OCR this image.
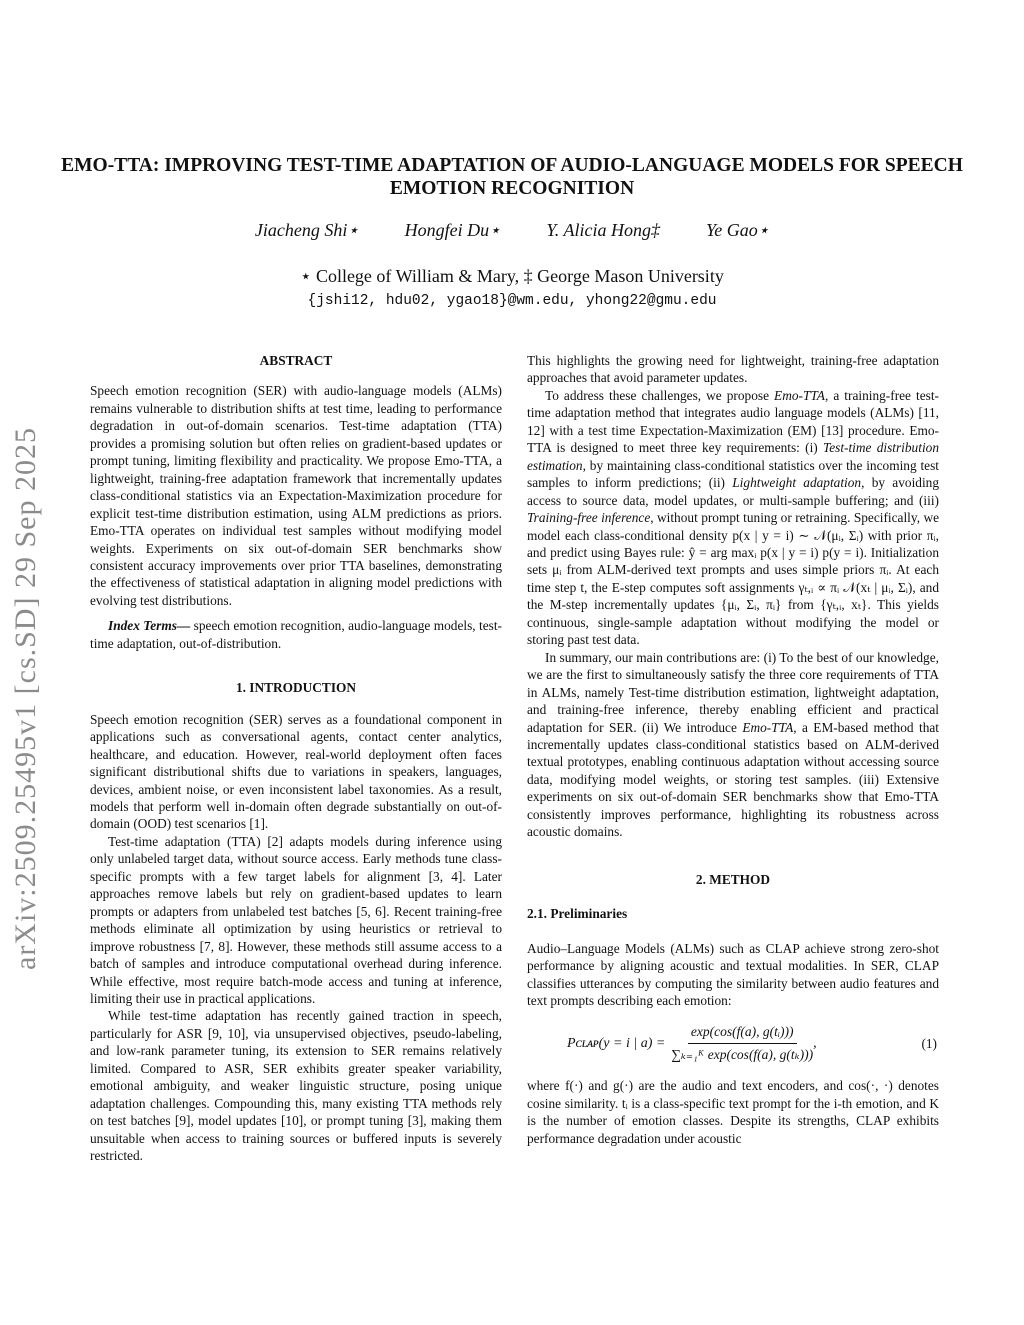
arXiv:2509.25495v1 [cs.SD] 29 Sep 2025
EMO-TTA: IMPROVING TEST-TIME ADAPTATION OF AUDIO-LANGUAGE MODELS FOR SPEECH EMOTION RECOGNITION
Jiacheng Shi⋆	Hongfei Du⋆	Y. Alicia Hong‡	Ye Gao⋆
⋆ College of William & Mary, ‡ George Mason University
{jshi12, hdu02, ygao18}@wm.edu, yhong22@gmu.edu

ABSTRACT

Speech emotion recognition (SER) with audio-language models (ALMs) remains vulnerable to distribution shifts at test time, leading to performance degradation in out-of-domain scenarios. Test-time adaptation (TTA) provides a promising solution but often relies on gradient-based updates or prompt tuning, limiting flexibility and practicality. We propose Emo-TTA, a lightweight, training-free adaptation framework that incrementally updates class-conditional statistics via an Expectation-Maximization procedure for explicit test-time distribution estimation, using ALM predictions as priors. Emo-TTA operates on individual test samples without modifying model weights. Experiments on six out-of-domain SER benchmarks show consistent accuracy improvements over prior TTA baselines, demonstrating the effectiveness of statistical adaptation in aligning model predictions with evolving test distributions.

Index Terms— speech emotion recognition, audio-language models, test-time adaptation, out-of-distribution.

1. INTRODUCTION

Speech emotion recognition (SER) serves as a foundational component in applications such as conversational agents, contact center analytics, healthcare, and education. However, real-world deployment often faces significant distributional shifts due to variations in speakers, languages, devices, ambient noise, or even inconsistent label taxonomies. As a result, models that perform well in-domain often degrade substantially on out-of-domain (OOD) test scenarios [1].

Test-time adaptation (TTA) [2] adapts models during inference using only unlabeled target data, without source access. Early methods tune class-specific prompts with a few target labels for alignment [3, 4]. Later approaches remove labels but rely on gradient-based updates to learn prompts or adapters from unlabeled test batches [5, 6]. Recent training-free methods eliminate all optimization by using heuristics or retrieval to improve robustness [7, 8]. However, these methods still assume access to a batch of samples and introduce computational overhead during inference. While effective, most require batch-mode access and tuning at inference, limiting their use in practical applications.

While test-time adaptation has recently gained traction in speech, particularly for ASR [9, 10], via unsupervised objectives, pseudo-labeling, and low-rank parameter tuning, its extension to SER remains relatively limited. Compared to ASR, SER exhibits greater speaker variability, emotional ambiguity, and weaker linguistic structure, posing unique adaptation challenges. Compounding this, many existing TTA methods rely on test batches [9], model updates [10], or prompt tuning [3], making them unsuitable when access to training sources or buffered inputs is severely restricted.

This highlights the growing need for lightweight, training-free adaptation approaches that avoid parameter updates.

To address these challenges, we propose Emo-TTA, a training-free test-time adaptation method that integrates audio language models (ALMs) [11, 12] with a test time Expectation-Maximization (EM) [13] procedure. Emo-TTA is designed to meet three key requirements: (i) Test-time distribution estimation, by maintaining class-conditional statistics over the incoming test samples to inform predictions; (ii) Lightweight adaptation, by avoiding access to source data, model updates, or multi-sample buffering; and (iii) Training-free inference, without prompt tuning or retraining. Specifically, we model each class-conditional density p(x | y = i) ∼ 𝒩(μᵢ, Σᵢ) with prior πᵢ, and predict using Bayes rule: ŷ = arg maxᵢ p(x | y = i) p(y = i). Initialization sets μᵢ from ALM-derived text prompts and uses simple priors πᵢ. At each time step t, the E-step computes soft assignments γₜ,ᵢ ∝ πᵢ 𝒩(xₜ | μᵢ, Σᵢ), and the M-step incrementally updates {μᵢ, Σᵢ, πᵢ} from {γₜ,ᵢ, xₜ}. This yields continuous, single-sample adaptation without modifying the model or storing past test data.

In summary, our main contributions are: (i) To the best of our knowledge, we are the first to simultaneously satisfy the three core requirements of TTA in ALMs, namely Test-time distribution estimation, lightweight adaptation, and training-free inference, thereby enabling efficient and practical adaptation for SER. (ii) We introduce Emo-TTA, a EM-based method that incrementally updates class-conditional statistics based on ALM-derived textual prototypes, enabling continuous adaptation without accessing source data, modifying model weights, or storing test samples. (iii) Extensive experiments on six out-of-domain SER benchmarks show that Emo-TTA consistently improves performance, highlighting its robustness across acoustic domains.

2. METHOD

2.1. Preliminaries

Audio–Language Models (ALMs) such as CLAP achieve strong zero-shot performance by aligning acoustic and textual modalities. In SER, CLAP classifies utterances by computing the similarity between audio features and text prompts describing each emotion:

Pᴄʟᴀᴘ(y = i | $a) = \frac{\text{exp(cos(f(a), g(tᵢ)))}}{\text{∑ₖ₌₁ᴷ exp(cos(f(a), g(tₖ)))}}$ ,	(1)

where f(·) and g(·) are the audio and text encoders, and cos(·, ·) denotes cosine similarity. tᵢ is a class-specific text prompt for the i-th emotion, and K is the number of emotion classes. Despite its strengths, CLAP exhibits performance degradation under acoustic
